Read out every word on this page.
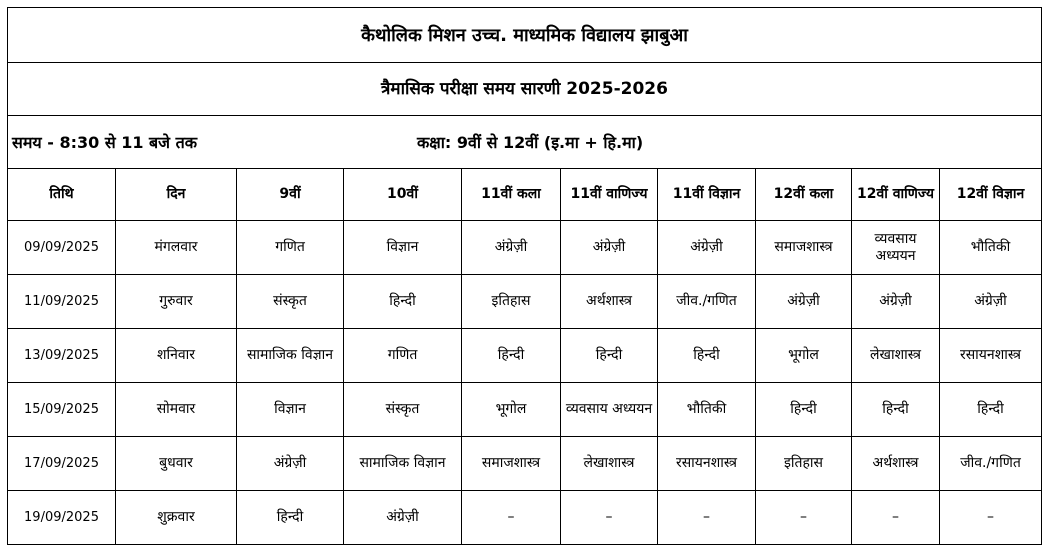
कैथोलिक मिशन उच्च. माध्यमिक विद्यालय झाबुआ									
त्रैमासिक परीक्षा समय सारणी 2025-2026									

समय - 8:30 से 11 बजे तक कक्षा: 9वीं से 12वीं (इ.मा + हि.मा)									

तिथि	दिन	9वीं	10वीं	11वीं कला	11वीं वाणिज्य	11वीं विज्ञान	12वीं कला	12वीं वाणिज्य	12वीं विज्ञान
09/09/2025	मंगलवार	गणित	विज्ञान	अंग्रेज़ी	अंग्रेज़ी	अंग्रेज़ी	समाजशास्त्र	व्यवसाय अध्ययन	भौतिकी
11/09/2025	गुरुवार	संस्कृत	हिन्दी	इतिहास	अर्थशास्त्र	जीव./गणित	अंग्रेज़ी	अंग्रेज़ी	अंग्रेज़ी
13/09/2025	शनिवार	सामाजिक विज्ञान	गणित	हिन्दी	हिन्दी	हिन्दी	भूगोल	लेखाशास्त्र	रसायनशास्त्र
15/09/2025	सोमवार	विज्ञान	संस्कृत	भूगोल	व्यवसाय अध्ययन	भौतिकी	हिन्दी	हिन्दी	हिन्दी
17/09/2025	बुधवार	अंग्रेज़ी	सामाजिक विज्ञान	समाजशास्त्र	लेखाशास्त्र	रसायनशास्त्र	इतिहास	अर्थशास्त्र	जीव./गणित
19/09/2025	शुक्रवार	हिन्दी	अंग्रेज़ी	–	–	–	–	–	–
